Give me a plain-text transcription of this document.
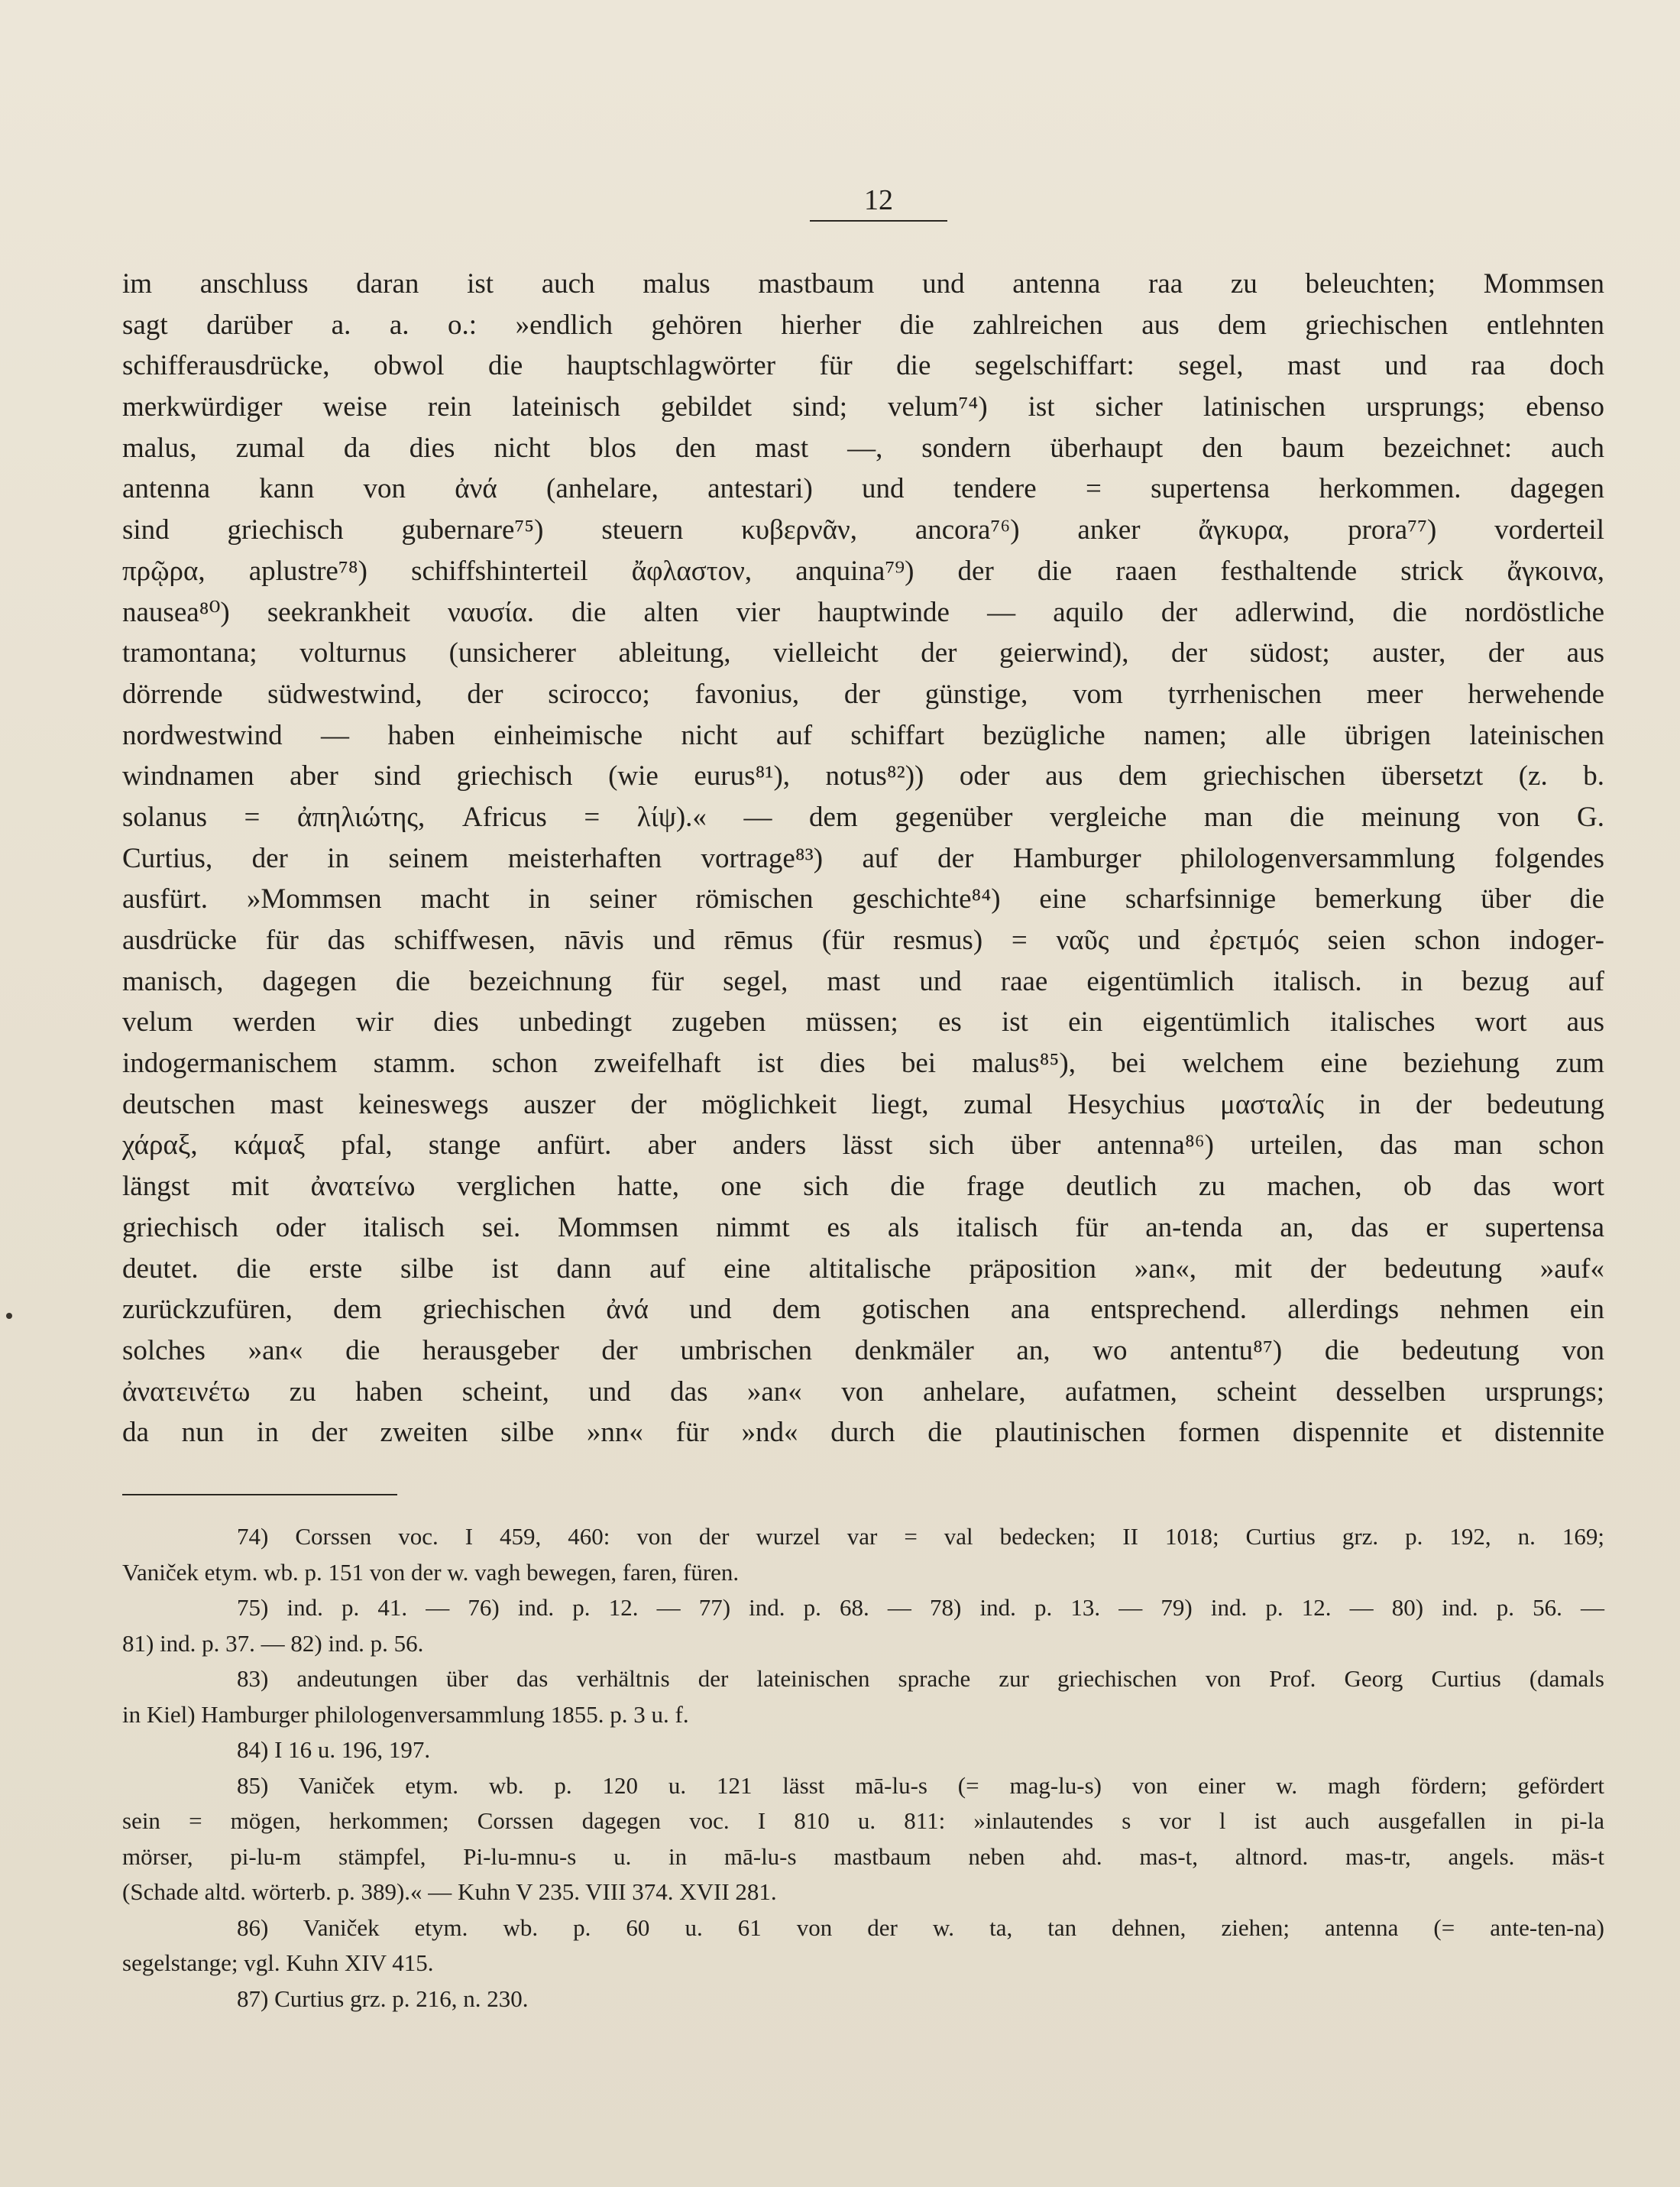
12
im anschluss daran ist auch malus mastbaum und antenna raa zu beleuchten; Mommsen
sagt darüber a. a. o.: »endlich gehören hierher die zahlreichen aus dem griechischen entlehnten
schifferausdrücke, obwol die hauptschlagwörter für die segelschiffart: segel, mast und raa doch
merkwürdiger weise rein lateinisch gebildet sind; velum⁷⁴) ist sicher latinischen ursprungs; ebenso
malus, zumal da dies nicht blos den mast —, sondern überhaupt den baum bezeichnet: auch
antenna kann von ἀνά (anhelare, antestari) und tendere = supertensa herkommen. dagegen
sind griechisch gubernare⁷⁵) steuern κυβερνᾶν, ancora⁷⁶) anker ἄγκυρα, prora⁷⁷) vorderteil
πρῷρα, aplustre⁷⁸) schiffshinterteil ἄφλαστον, anquina⁷⁹) der die raaen festhaltende strick ἄγκοινα,
nausea⁸⁰) seekrankheit ναυσία. die alten vier hauptwinde — aquilo der adlerwind, die nordöstliche
tramontana; volturnus (unsicherer ableitung, vielleicht der geierwind), der südost; auster, der aus
dörrende südwestwind, der scirocco; favonius, der günstige, vom tyrrhenischen meer herwehende
nordwestwind — haben einheimische nicht auf schiffart bezügliche namen; alle übrigen lateinischen
windnamen aber sind griechisch (wie eurus⁸¹), notus⁸²)) oder aus dem griechischen übersetzt (z. b.
solanus = ἀπηλιώτης, Africus = λίψ).« — dem gegenüber vergleiche man die meinung von G.
Curtius, der in seinem meisterhaften vortrage⁸³) auf der Hamburger philologenversammlung folgendes
ausfürt. »Mommsen macht in seiner römischen geschichte⁸⁴) eine scharfsinnige bemerkung über die
ausdrücke für das schiffwesen, nāvis und rēmus (für resmus) = ναῦς und ἐρετμός seien schon indoger-
manisch, dagegen die bezeichnung für segel, mast und raae eigentümlich italisch. in bezug auf
velum werden wir dies unbedingt zugeben müssen; es ist ein eigentümlich italisches wort aus
indogermanischem stamm. schon zweifelhaft ist dies bei malus⁸⁵), bei welchem eine beziehung zum
deutschen mast keineswegs auszer der möglichkeit liegt, zumal Hesychius μασταλίς in der bedeutung
χάραξ, κάμαξ pfal, stange anfürt. aber anders lässt sich über antenna⁸⁶) urteilen, das man schon
längst mit ἀνατείνω verglichen hatte, one sich die frage deutlich zu machen, ob das wort
griechisch oder italisch sei. Mommsen nimmt es als italisch für an-tenda an, das er supertensa
deutet. die erste silbe ist dann auf eine altitalische präposition »an«, mit der bedeutung »auf«
zurückzufüren, dem griechischen ἀνά und dem gotischen ana entsprechend. allerdings nehmen ein
solches »an« die herausgeber der umbrischen denkmäler an, wo antentu⁸⁷) die bedeutung von
ἀνατεινέτω zu haben scheint, und das »an« von anhelare, aufatmen, scheint desselben ursprungs;
da nun in der zweiten silbe »nn« für »nd« durch die plautinischen formen dispennite et distennite
74) Corssen voc. I 459, 460: von der wurzel var = val bedecken; II 1018; Curtius grz. p. 192, n. 169;
Vaniček etym. wb. p. 151 von der w. vagh bewegen, faren, füren.
75) ind. p. 41. — 76) ind. p. 12. — 77) ind. p. 68. — 78) ind. p. 13. — 79) ind. p. 12. — 80) ind. p. 56. —
81) ind. p. 37. — 82) ind. p. 56.
83) andeutungen über das verhältnis der lateinischen sprache zur griechischen von Prof. Georg Curtius (damals
in Kiel) Hamburger philologenversammlung 1855. p. 3 u. f.
84) I 16 u. 196, 197.
85) Vaniček etym. wb. p. 120 u. 121 lässt mā-lu-s (= mag-lu-s) von einer w. magh fördern; gefördert
sein = mögen, herkommen; Corssen dagegen voc. I 810 u. 811: »inlautendes s vor l ist auch ausgefallen in pi-la
mörser, pi-lu-m stämpfel, Pi-lu-mnu-s u. in mā-lu-s mastbaum neben ahd. mas-t, altnord. mas-tr, angels. mäs-t
(Schade altd. wörterb. p. 389).« — Kuhn V 235. VIII 374. XVII 281.
86) Vaniček etym. wb. p. 60 u. 61 von der w. ta, tan dehnen, ziehen; antenna (= ante-ten-na)
segelstange; vgl. Kuhn XIV 415.
87) Curtius grz. p. 216, n. 230.
